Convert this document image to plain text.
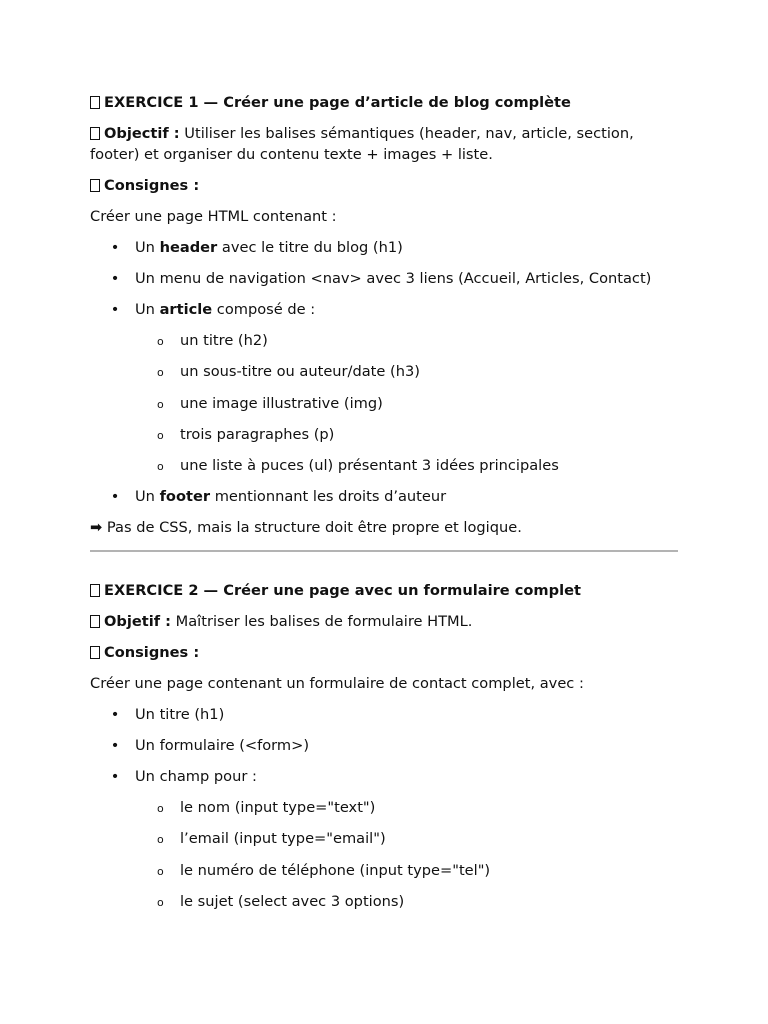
EXERCICE 1 — Créer une page d’article de blog complète

Objectif : Utiliser les balises sémantiques (header, nav, article, section, footer) et organiser du contenu texte + images + liste.

Consignes :

Créer une page HTML contenant :

• Un header avec le titre du blog (h1)
• Un menu de navigation <nav> avec 3 liens (Accueil, Articles, Contact)
• Un article composé de :
o un titre (h2)
o un sous-titre ou auteur/date (h3)
o une image illustrative (img)
o trois paragraphes (p)
o une liste à puces (ul) présentant 3 idées principales
• Un footer mentionnant les droits d’auteur

➡ Pas de CSS, mais la structure doit être propre et logique.

EXERCICE 2 — Créer une page avec un formulaire complet

Objetif : Maîtriser les balises de formulaire HTML.

Consignes :

Créer une page contenant un formulaire de contact complet, avec :

• Un titre (h1)
• Un formulaire (<form>)
• Un champ pour :
o le nom (input type="text")
o l’email (input type="email")
o le numéro de téléphone (input type="tel")
o le sujet (select avec 3 options)
